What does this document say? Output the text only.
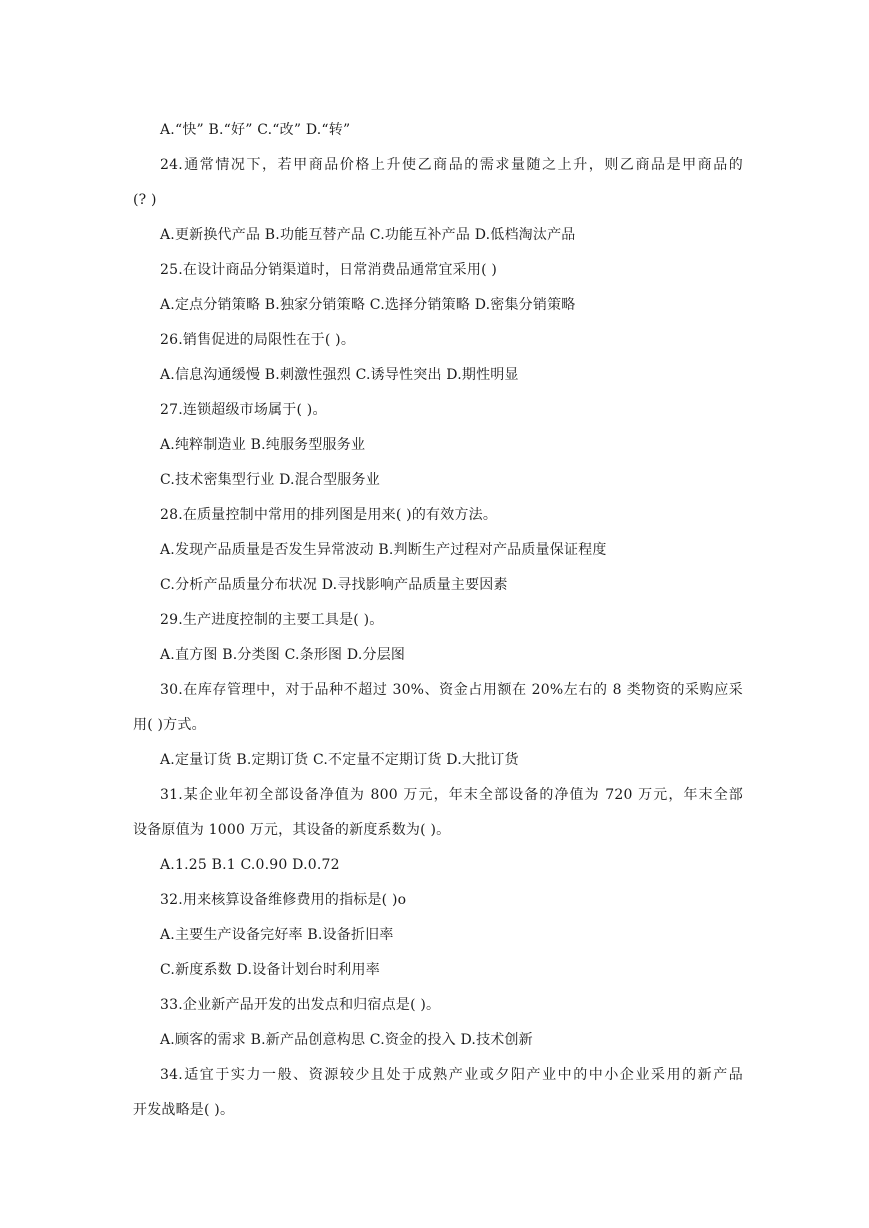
A.“快” B.“好” C.“改” D.“转”
24.通常情况下，若甲商品价格上升使乙商品的需求量随之上升，则乙商品是甲商品的
(? )
A.更新换代产品 B.功能互替产品 C.功能互补产品 D.低档淘汰产品
25.在设计商品分销渠道时，日常消费品通常宜采用( )
A.定点分销策略 B.独家分销策略 C.选择分销策略 D.密集分销策略
26.销售促进的局限性在于( )。
A.信息沟通缓慢 B.刺激性强烈 C.诱导性突出 D.期性明显
27.连锁超级市场属于( )。
A.纯粹制造业 B.纯服务型服务业
C.技术密集型行业 D.混合型服务业
28.在质量控制中常用的排列图是用来( )的有效方法。
A.发现产品质量是否发生异常波动 B.判断生产过程对产品质量保证程度
C.分析产品质量分布状况 D.寻找影响产品质量主要因素
29.生产进度控制的主要工具是( )。
A.直方图 B.分类图 C.条形图 D.分层图
30.在库存管理中，对于品种不超过 30%、资金占用额在 20%左右的 8 类物资的采购应采
用( )方式。
A.定量订货 B.定期订货 C.不定量不定期订货 D.大批订货
31.某企业年初全部设备净值为 800 万元，年末全部设备的净值为 720 万元，年末全部
设备原值为 1000 万元，其设备的新度系数为( )。
A.1.25 B.1 C.0.90 D.0.72
32.用来核算设备维修费用的指标是( )o
A.主要生产设备完好率 B.设备折旧率
C.新度系数 D.设备计划台时利用率
33.企业新产品开发的出发点和归宿点是( )。
A.顾客的需求 B.新产品创意构思 C.资金的投入 D.技术创新
34.适宜于实力一般、资源较少且处于成熟产业或夕阳产业中的中小企业采用的新产品
开发战略是( )。
